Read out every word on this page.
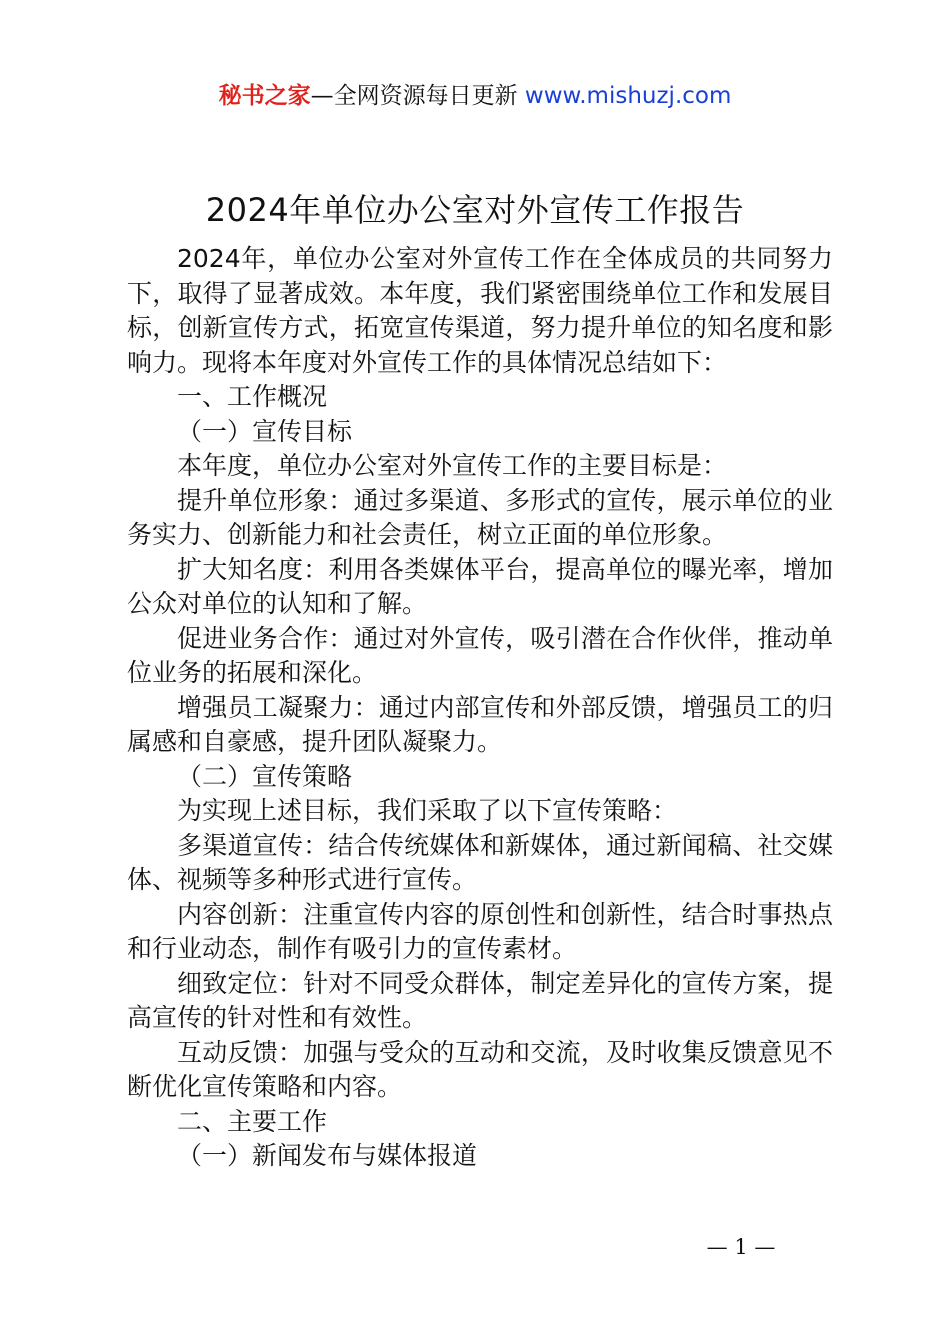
秘书之家—全网资源每日更新 www.mishuzj.com
2024年单位办公室对外宣传工作报告

2024年，单位办公室对外宣传工作在全体成员的共同努力下，取得了显著成效。本年度，我们紧密围绕单位工作和发展目标，创新宣传方式，拓宽宣传渠道，努力提升单位的知名度和影响力。现将本年度对外宣传工作的具体情况总结如下：

一、工作概况

（一）宣传目标

本年度，单位办公室对外宣传工作的主要目标是：

提升单位形象：通过多渠道、多形式的宣传，展示单位的业务实力、创新能力和社会责任，树立正面的单位形象。

扩大知名度：利用各类媒体平台，提高单位的曝光率，增加公众对单位的认知和了解。

促进业务合作：通过对外宣传，吸引潜在合作伙伴，推动单位业务的拓展和深化。

增强员工凝聚力：通过内部宣传和外部反馈，增强员工的归属感和自豪感，提升团队凝聚力。

（二）宣传策略

为实现上述目标，我们采取了以下宣传策略：

多渠道宣传：结合传统媒体和新媒体，通过新闻稿、社交媒体、视频等多种形式进行宣传。

内容创新：注重宣传内容的原创性和创新性，结合时事热点和行业动态，制作有吸引力的宣传素材。

细致定位：针对不同受众群体，制定差异化的宣传方案，提高宣传的针对性和有效性。

互动反馈：加强与受众的互动和交流，及时收集反馈意见不断优化宣传策略和内容。

二、主要工作

（一）新闻发布与媒体报道

— 1 —
